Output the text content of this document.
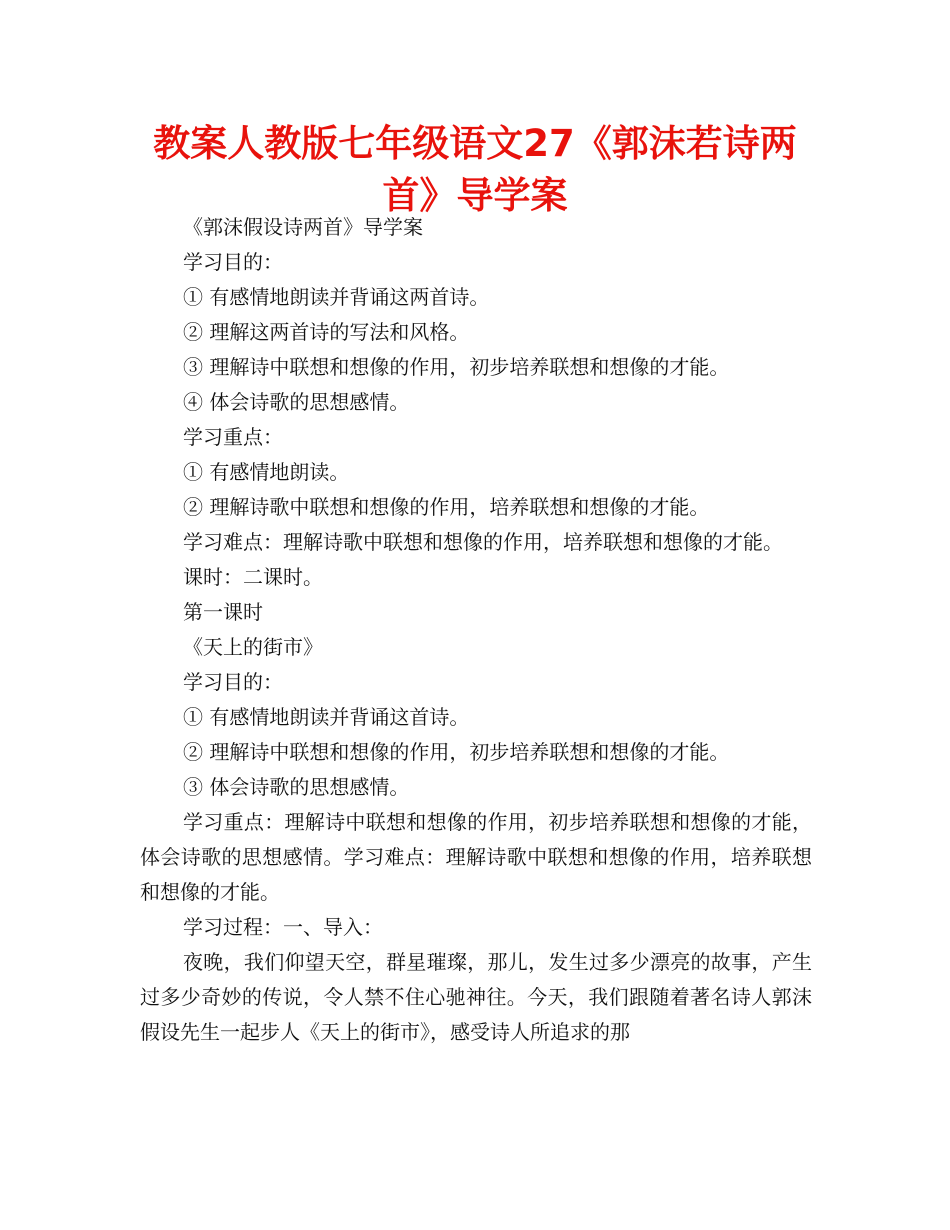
教案人教版七年级语文27《郭沫若诗两首》导学案

《郭沫假设诗两首》导学案

学习目的：

① 有感情地朗读并背诵这两首诗。

② 理解这两首诗的写法和风格。

③ 理解诗中联想和想像的作用，初步培养联想和想像的才能。

④ 体会诗歌的思想感情。

学习重点：

① 有感情地朗读。

② 理解诗歌中联想和想像的作用，培养联想和想像的才能。

学习难点：理解诗歌中联想和想像的作用，培养联想和想像的才能。

课时：二课时。

第一课时

《天上的街市》

学习目的：

① 有感情地朗读并背诵这首诗。

② 理解诗中联想和想像的作用，初步培养联想和想像的才能。

③ 体会诗歌的思想感情。

学习重点：理解诗中联想和想像的作用，初步培养联想和想像的才能，体会诗歌的思想感情。学习难点：理解诗歌中联想和想像的作用，培养联想和想像的才能。

学习过程：一、导入：

夜晚，我们仰望天空，群星璀璨，那儿，发生过多少漂亮的故事，产生过多少奇妙的传说，令人禁不住心驰神往。今天，我们跟随着著名诗人郭沫假设先生一起步人《天上的街市》，感受诗人所追求的那
